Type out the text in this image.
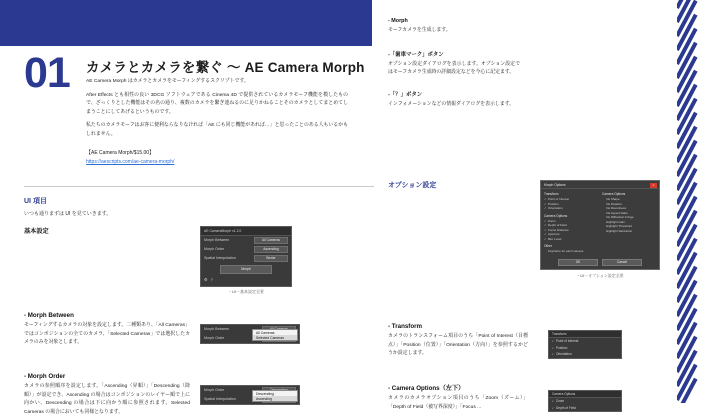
01 カメラとカメラを繋ぐ 〜 AE Camera Morph

AE Camera Morph はカメラとカメラをモーフィングするスクリプトです。

After Effects とも相性の良い 3DCG ソフトウェアである Cinema 4D で提供されているカメラモーフ機能を模したもので、ざっくりとした機能はその名の通り、複数のカメラを繋ぎ連ねるのに足りかねることそのカメラとしてまとめてしまうことにしてあげるというものです。

私たちのカメラモーフはお客に便利ならなりなければ「AE にも同じ機能があれば…」と思ったことのある人もいるかもしれません。

【AE Camera Morph/$15.00】
https://aescripts.com/ae-camera-morph/
UI 項目
いつも通りまずは UI を見ていきます。
基本設定	AE CameraMorph v1.2.0
Morph Between	All Cameras
Morph Order	Ascending
Spatial Interpolation	Bezier
Morph
⚙ ?
・UI－基本設定全景
- Morph Between
モーフィングするカメラの対象を設定します。二種類あり、「All Cameras」ではコンポジションの全てのカメラ、「Selected Cameras」では選択したカメラのみを対象とします。
Morph Between
Morph Order

All Cameras
Selected Cameras
- Morph Order
カメラの参照順序を設定します。「Ascending（昇順）」「Descending（降順）」が設定でき、Ascending の場合はコンポジションのレイヤー順で上に向かい、Descending の場合は下に向かう順に参照されます。Selected Cameras の場合においても同様となります。
Morph Order
Spatial Interpolation

Descending
Ascending
- Morph
モーフカメラを生成します。
-「歯車マーク」ボタン
オプション設定ダイアログを表示します。オプション設定ではモーフカメラ生成時の詳細設定などを今心に記定ます。
-「？」ボタン
インフォメーションなどの情報ダイアログを表示します。
オプション設定	Morph Options	x
Transform
✓ Point of Interest
✓ Position
✓ Orientation
Camera Options
✓ Zoom
✓ Depth of Field
✓ Focus Distance
✓ Aperture
✓ Blur Level
Other
Keyframe for each camera
Camera Options
Iris Shape
Iris Rotation
Iris Roundness
Iris Aspect Ratio
Iris Diffraction Fringe
Highlight Gain
Highlight Threshold
Highlight Saturation
OK	Cancel
・UI－オプション設定全景
- Transform
カメラのトランスフォーム項目のうち「Point of Interest（目標点）」「Position（位置）」「Orientation（方向）」を参照するかどうか設定します。
Transform
✓ Point of Interest
✓ Position
✓ Orientation
- Camera Options（左下）
カメラのカメラオプション項目のうち「Zoom（ズーム）」「Depth of Field（被写界深度）」「Focus ...
Camera Options
✓ Zoom
✓ Depth of Field
